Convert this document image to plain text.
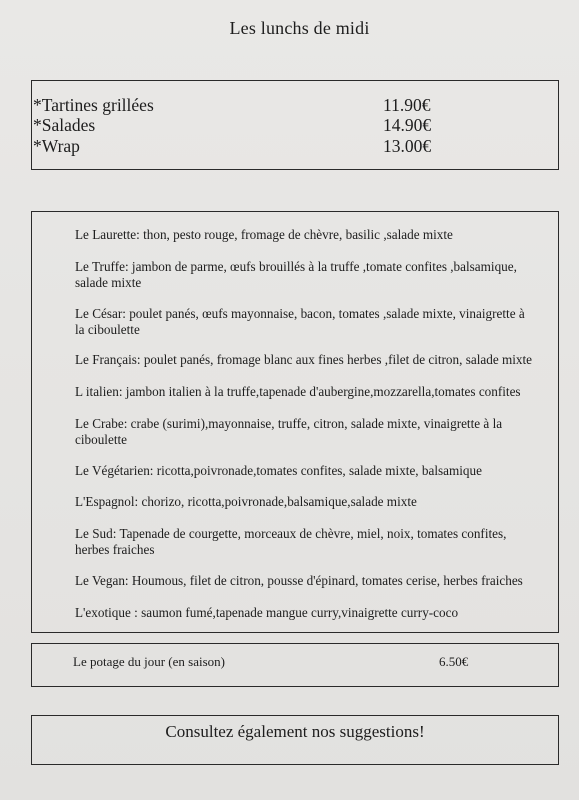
Les lunchs de midi
*Tartines grillées	11.90€
*Salades	14.90€
*Wrap	13.00€
Le Laurette: thon, pesto rouge, fromage de chèvre, basilic ,salade mixte
Le Truffe: jambon de parme, œufs brouillés à la truffe ,tomate confites ,balsamique, salade mixte
Le César: poulet panés, œufs mayonnaise, bacon, tomates ,salade mixte, vinaigrette à la ciboulette
Le Français: poulet panés, fromage blanc aux fines herbes ,filet de citron, salade mixte
L italien: jambon italien à la truffe,tapenade d'aubergine,mozzarella,tomates confites
Le Crabe: crabe (surimi),mayonnaise, truffe, citron, salade mixte, vinaigrette à la ciboulette
Le Végétarien: ricotta,poivronade,tomates confites, salade mixte, balsamique
L'Espagnol: chorizo, ricotta,poivronade,balsamique,salade mixte
Le Sud: Tapenade de courgette, morceaux de chèvre, miel, noix, tomates confites, herbes fraiches
Le Vegan: Houmous, filet de citron, pousse d'épinard, tomates cerise, herbes fraiches
L'exotique : saumon fumé,tapenade mangue curry,vinaigrette curry-coco
Le potage du jour (en saison)	6.50€
Consultez également nos suggestions!
